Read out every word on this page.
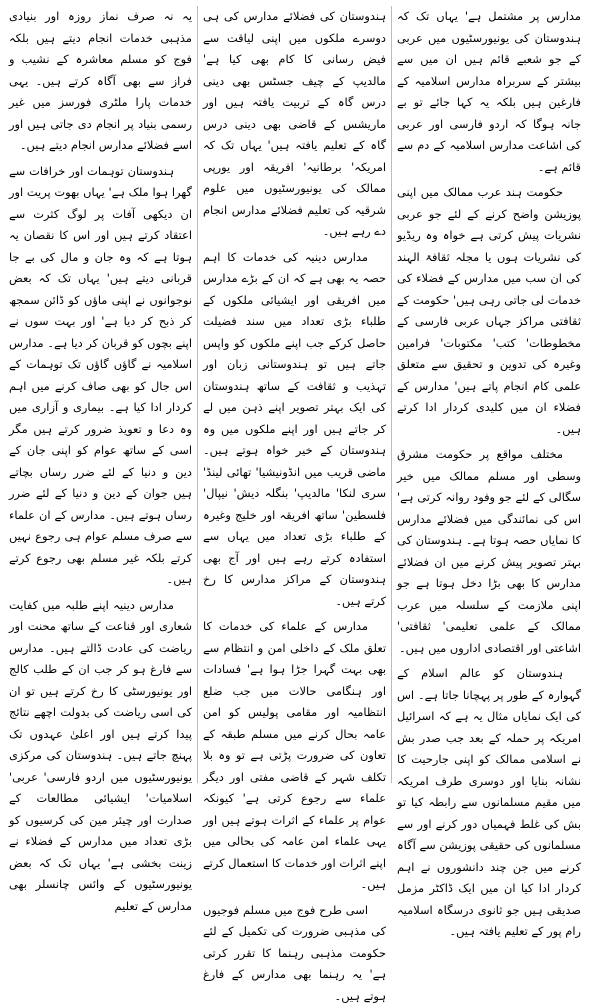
مدارس پر مشتمل ہے' یہاں تک کہ ہندوستان کی یونیورسٹیوں میں عربی کے جو شعبے قائم ہیں ان میں سے بیشتر کے سربراہ مدارس اسلامیہ کے فارغین ہیں بلکہ یہ کہا جائے تو بے جانہ ہوگا کہ اردو فارسی اور عربی کی اشاعت مدارس اسلامیہ کے دم سے قائم ہے۔

حکومت ہند عرب ممالک میں اپنی پوزیشن واضح کرنے کے لئے جو عربی نشریات پیش کرتی ہے خواہ وہ ریڈیو کی نشریات ہوں یا مجلہ ثقافۃ الہند کی ان سب میں مدارس کے فضلاء کی خدمات لی جاتی رہی ہیں' حکومت کے ثقافتی مراکز جہاں عربی فارسی کے مخطوطات' کتب' مکتوبات' فرامین وغیرہ کی تدوین و تحقیق سے متعلق علمی کام انجام پاتے ہیں' مدارس کے فضلاء ان میں کلیدی کردار ادا کرتے ہیں۔

مختلف مواقع پر حکومت مشرق وسطی اور مسلم ممالک میں خیر سگالی کے لئے جو وفود روانہ کرتی ہے' اس کی نمائندگی میں فضلائے مدارس کا نمایاں حصہ ہوتا ہے۔ ہندوستان کی بہتر تصویر پیش کرنے میں ان فضلائے مدارس کا بھی بڑا دخل ہوتا ہے جو اپنی ملازمت کے سلسلہ میں عرب ممالک کے علمی تعلیمی' ثقافتی' اشاعتی اور اقتصادی اداروں میں ہیں۔

ہندوستان کو عالم اسلام کے گہوارہ کے طور پر پہچانا جاتا ہے۔ اس کی ایک نمایاں مثال یہ ہے کہ اسرائیل امریکہ پر حملہ کے بعد جب صدر بش نے اسلامی ممالک کو اپنی جارحیت کا نشانہ بنایا اور دوسری طرف امریکہ میں مقیم مسلمانوں سے رابطہ کیا تو بش کی غلط فہمیاں دور کرنے اور سے مسلمانوں کی حقیقی پوزیشن سے آگاہ کرنے میں جن چند دانشوروں نے اہم کردار ادا کیا ان میں ایک ڈاکٹر مزمل صدیقی ہیں جو ثانوی درسگاہ اسلامیہ رام پور کے تعلیم یافتہ ہیں۔

ہندوستان کی فضلائے مدارس کی ہی دوسرے ملکوں میں اپنی لیاقت سے فیض رسانی کا کام بھی کیا ہے' مالدیپ کے چیف جسٹس بھی دینی درس گاہ کے تربیت یافتہ ہیں اور ماریشس کے قاضی بھی دینی درس گاہ کے تعلیم یافتہ ہیں' یہاں تک کہ امریکہ' برطانیہ' افریقہ اور یورپی ممالک کی یونیورسٹیوں میں علوم شرقیہ کی تعلیم فضلائے مدارس انجام دے رہے ہیں۔

مدارس دینیہ کی خدمات کا اہم حصہ یہ بھی ہے کہ ان کے بڑے مدارس میں افریقی اور ایشیائی ملکوں کے طلباء بڑی تعداد میں سند فضیلت حاصل کرکے جب اپنے ملکوں کو واپس جاتے ہیں تو ہندوستانی زبان اور تہذیب و ثقافت کے ساتھ ہندوستان کی ایک بہتر تصویر اپنے ذہن میں لے کر جاتے ہیں اور اپنے ملکوں میں وہ ہندوستان کے خیر خواہ ہوتے ہیں۔ ماضی قریب میں انڈونیشیا' تھائی لینڈ' سری لنکا' مالدیپ' بنگلہ دیش' نیپال' فلسطین' ساتھ افریقہ اور خلیج وغیرہ کے طلباء بڑی تعداد میں یہاں سے استفادہ کرتے رہے ہیں اور آج بھی ہندوستان کے مراکز مدارس کا رخ کرتے ہیں۔

مدارس کے علماء کی خدمات کا تعلق ملک کے داخلی امن و انتظام سے بھی بہت گہرا جڑا ہوا ہے' فسادات اور ہنگامی حالات میں جب ضلع انتظامیہ اور مقامی پولیس کو امن عامہ بحال کرنے میں مسلم طبقہ کے تعاون کی ضرورت پڑتی ہے تو وہ بلا تکلف شہر کے قاضی مفتی اور دیگر علماء سے رجوع کرتی ہے' کیونکہ عوام پر علماء کے اثرات ہوتے ہیں اور یہی علماء امن عامہ کی بحالی میں اپنے اثرات اور خدمات کا استعمال کرتے ہیں۔

اسی طرح فوج میں مسلم فوجیوں کی مذہبی ضرورت کی تکمیل کے لئے حکومت مذہبی رہنما کا تقرر کرتی ہے' یہ رہنما بھی مدارس کے فارغ ہوتے ہیں۔

یہ نہ صرف نماز روزہ اور بنیادی مذہبی خدمات انجام دیتے ہیں بلکہ فوج کو مسلم معاشرہ کے نشیب و فراز سے بھی آگاہ کرتے ہیں۔ یہی خدمات پارا ملٹری فورسز میں غیر رسمی بنیاد پر انجام دی جاتی ہیں اور اسے فضلائے مدارس انجام دیتے ہیں۔

ہندوستان توہمات اور خرافات سے گھرا ہوا ملک ہے' یہاں بھوت پریت اور ان دیکھی آفات پر لوگ کثرت سے اعتقاد کرتے ہیں اور اس کا نقصان یہ ہوتا ہے کہ وہ جان و مال کی بے جا قربانی دیتے ہیں' یہاں تک کہ بعض نوجوانوں نے اپنی ماؤں کو ڈائن سمجھ کر ذبح کر دیا ہے' اور بہت سوں نے اپنے بچوں کو قربان کر دیا ہے۔ مدارس اسلامیہ نے گاؤں گاؤں تک توہمات کے اس جال کو بھی صاف کرنے میں اہم کردار ادا کیا ہے۔ بیماری و آزاری میں وہ دعا و تعویذ ضرور کرتے ہیں مگر اسی کے ساتھ عوام کو اپنی جان کے دین و دنیا کے لئے ضرر رساں بچاتے ہیں جوان کے دین و دنیا کے لئے ضرر رساں ہوتے ہیں۔ مدارس کے ان علماء سے صرف مسلم عوام ہی رجوع نہیں کرتے بلکہ غیر مسلم بھی رجوع کرتے ہیں۔

مدارس دینیہ اپنے طلبہ میں کفایت شعاری اور قناعت کے ساتھ محنت اور ریاضت کی عادت ڈالتے ہیں۔ مدارس سے فارغ ہو کر جب ان کے طلب کالج اور یونیورسٹی کا رخ کرتے ہیں تو ان کی اسی ریاضت کی بدولت اچھے نتائج پیدا کرتے ہیں اور اعلیٰ عہدوں تک پہنچ جاتے ہیں۔ ہندوستان کی مرکزی یونیورسٹیوں میں اردو فارسی' عربی' اسلامیات' ایشیائی مطالعات کے صدارت اور چیئر مین کی کرسیوں کو بڑی تعداد میں مدارس کے فضلاء نے زینت بخشی ہے' یہاں تک کہ بعض یونیورسٹیوں کے وائس چانسلر بھی مدارس کے تعلیم
